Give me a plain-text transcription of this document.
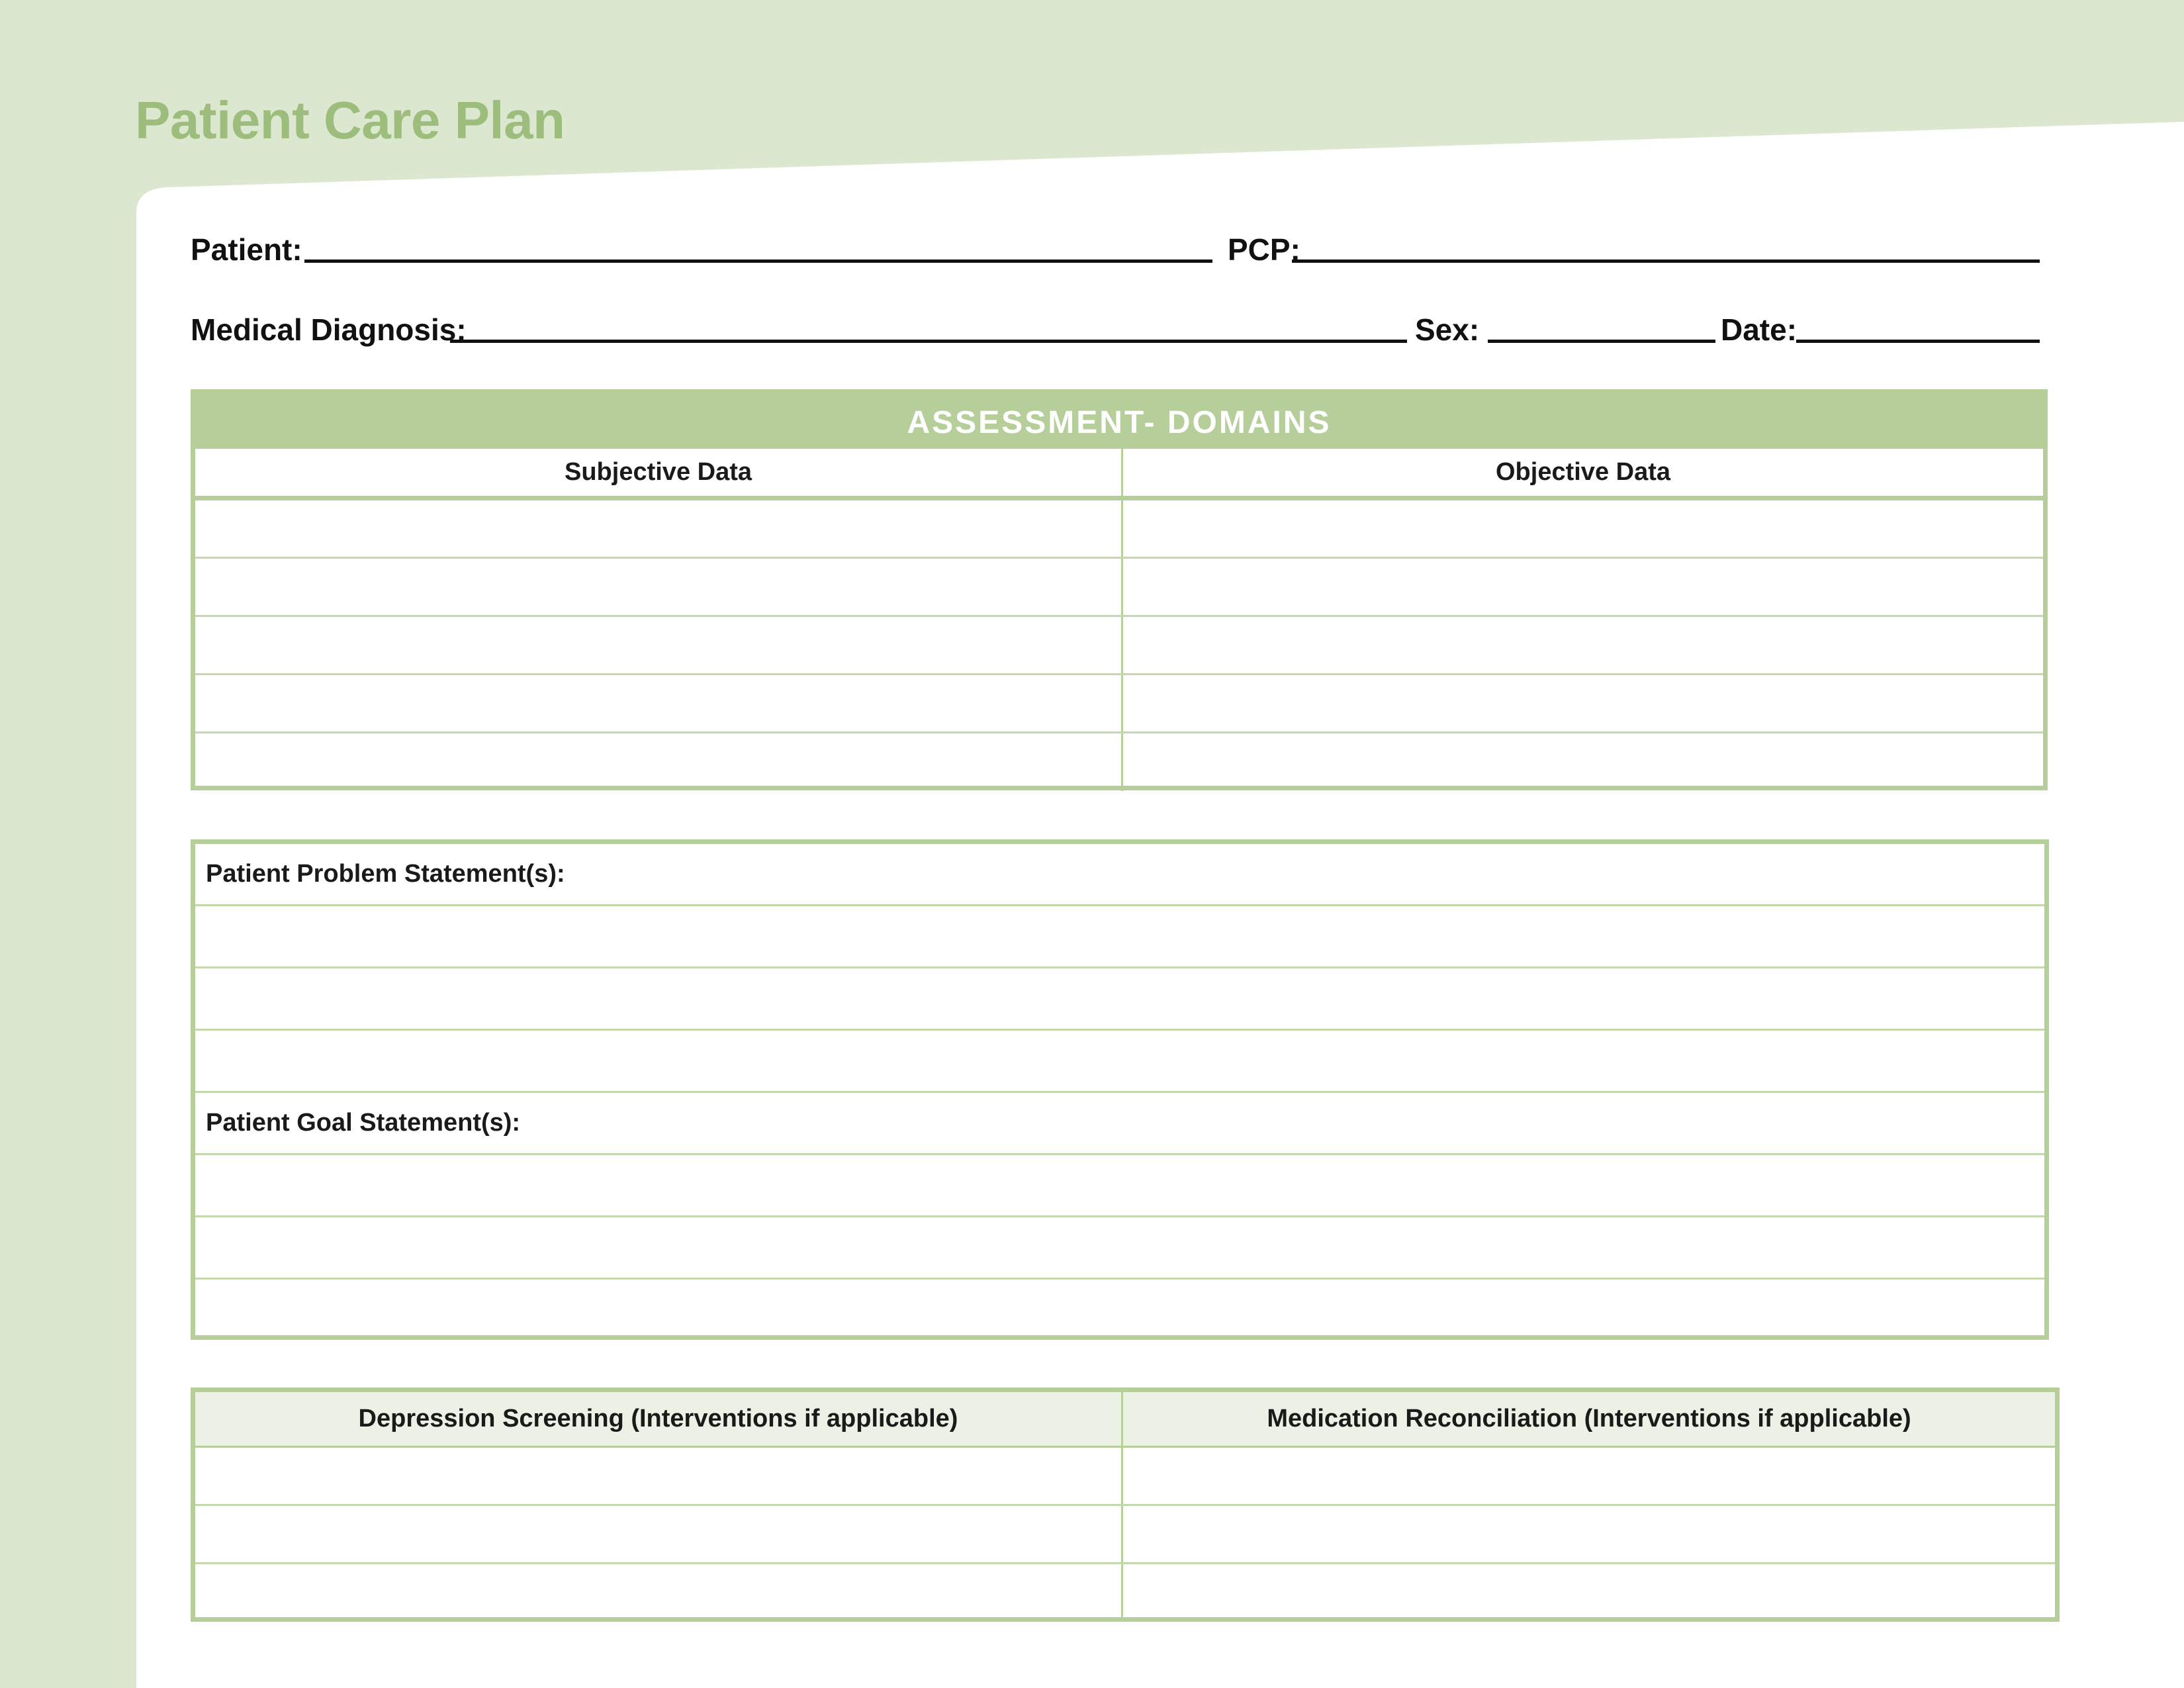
Patient Care Plan
Patient:	PCP:
Medical Diagnosis:	Sex:	Date:
ASSESSMENT- DOMAINS
Subjective Data	Objective Data
Patient Problem Statement(s):
Patient Goal Statement(s):
Depression Screening (Interventions if applicable)	Medication Reconciliation (Interventions if applicable)
